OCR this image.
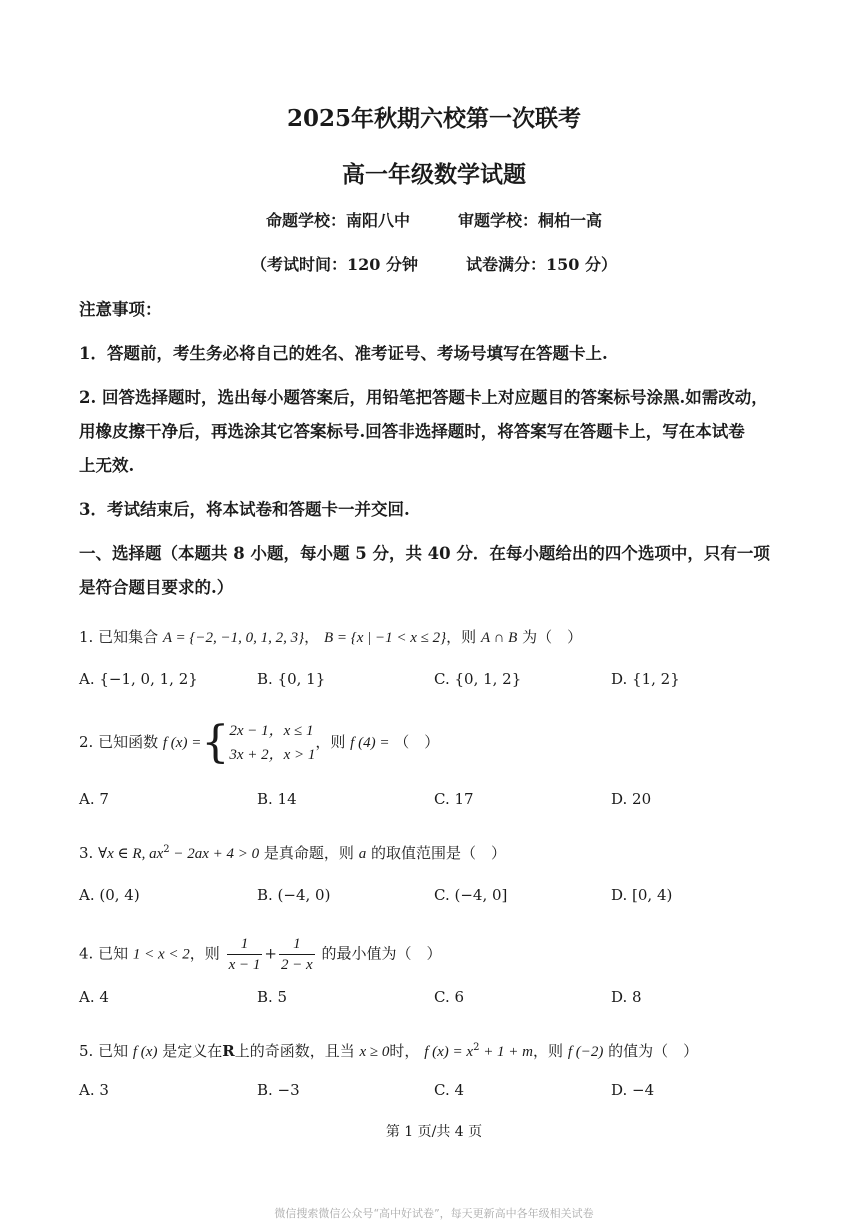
2025年秋期六校第一次联考
高一年级数学试题
命题学校：南阳八中　　　审题学校：桐柏一高
（考试时间：120 分钟　　　试卷满分：150 分）
注意事项：
1．答题前，考生务必将自己的姓名、准考证号、考场号填写在答题卡上.
2. 回答选择题时，选出每小题答案后，用铅笔把答题卡上对应题目的答案标号涂黑.如需改动，
用橡皮擦干净后，再选涂其它答案标号.回答非选择题时，将答案写在答题卡上，写在本试卷
上无效.
3．考试结束后，将本试卷和答题卡一并交回.
一、选择题（本题共 8 小题，每小题 5 分，共 40 分．在每小题给出的四个选项中，只有一项
是符合题目要求的.）
1. 已知集合 A = {−2, −1, 0, 1, 2, 3}， B = {x | −1 < x ≤ 2}，则 A ∩ B 为（　）
A. {−1, 0, 1, 2}	B. {0, 1}	C. {0, 1, 2}	D. {1, 2}
2. 已知函数 f (x) ={ 2x − 1，x ≤ 1
3x + 2，x > 1
，则 f (4) = （　）
A. 7	B. 14	C. 17	D. 20
3. ∀x ∈ R, $ax^2 - 2ax + 4 > 0$ 是真命题，则 a 的取值范围是（　）
A. (0, 4)	B. (−4, 0)	C. (−4, 0]	D. [0, 4)
4. 已知 1 < x < 2，则 $\frac{1}{x - 1} + \frac{1}{2 - x}$ 的最小值为（　）
A. 4	B. 5	C. 6	D. 8
5. 已知 f (x) 是定义在R上的奇函数，且当 x ≥ 0时， f $(x) = x^2 + 1 + m$，则 f (−2) 的值为（　）
A. 3	B. −3	C. 4	D. −4
第 1 页/共 4 页
微信搜索微信公众号“高中好试卷”，每天更新高中各年级相关试卷
